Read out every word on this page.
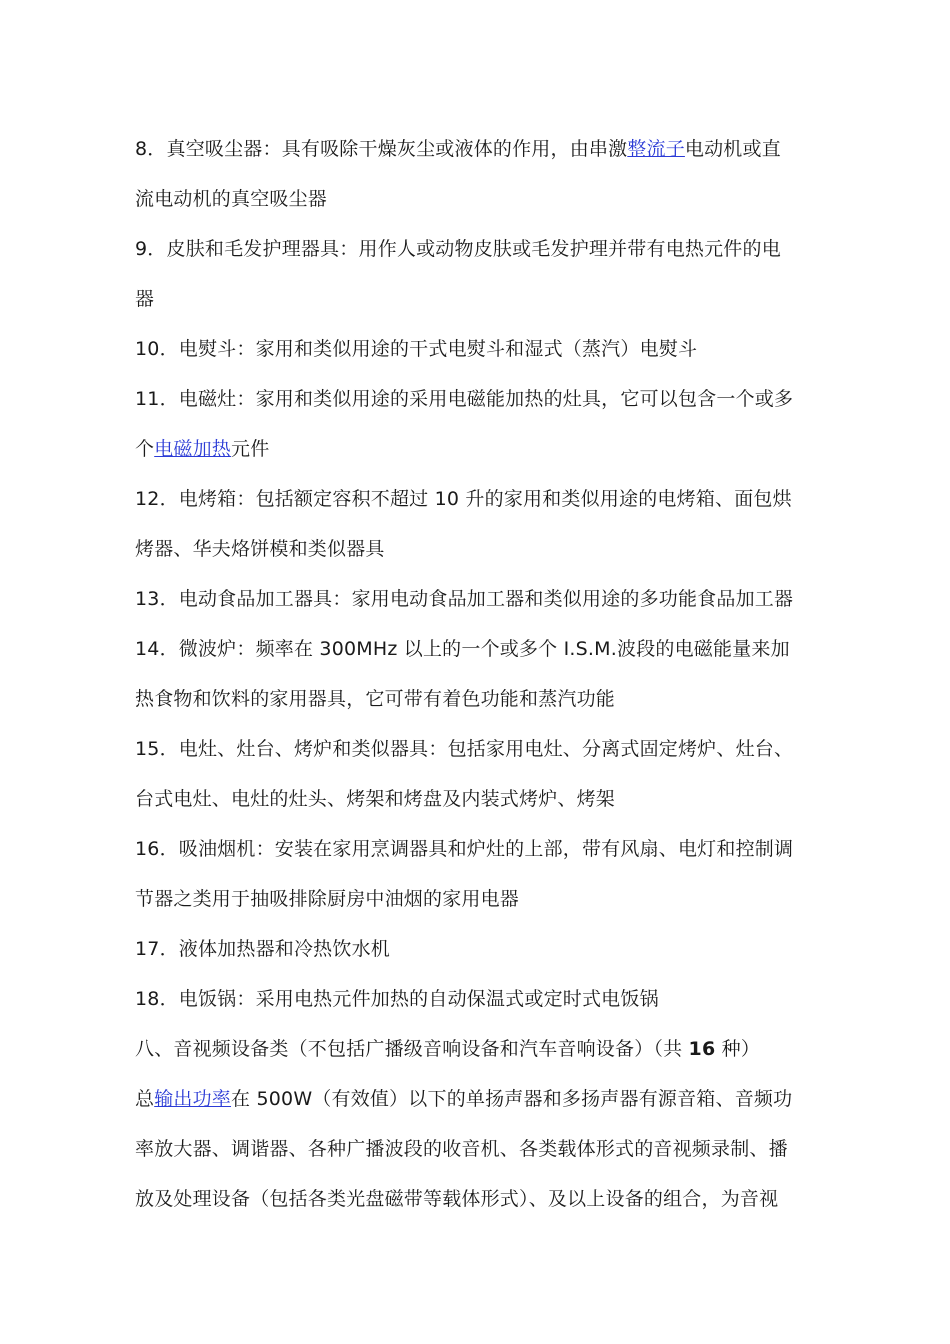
8．真空吸尘器：具有吸除干燥灰尘或液体的作用，由串激整流子电动机或直
流电动机的真空吸尘器
9．皮肤和毛发护理器具：用作人或动物皮肤或毛发护理并带有电热元件的电
器
10．电熨斗：家用和类似用途的干式电熨斗和湿式（蒸汽）电熨斗
11．电磁灶：家用和类似用途的采用电磁能加热的灶具，它可以包含一个或多
个电磁加热元件
12．电烤箱：包括额定容积不超过 10 升的家用和类似用途的电烤箱、面包烘
烤器、华夫烙饼模和类似器具
13．电动食品加工器具：家用电动食品加工器和类似用途的多功能食品加工器
14．微波炉：频率在 300MHz 以上的一个或多个 I.S.M.波段的电磁能量来加
热食物和饮料的家用器具，它可带有着色功能和蒸汽功能
15．电灶、灶台、烤炉和类似器具：包括家用电灶、分离式固定烤炉、灶台、
台式电灶、电灶的灶头、烤架和烤盘及内装式烤炉、烤架
16．吸油烟机：安装在家用烹调器具和炉灶的上部，带有风扇、电灯和控制调
节器之类用于抽吸排除厨房中油烟的家用电器
17．液体加热器和冷热饮水机
18．电饭锅：采用电热元件加热的自动保温式或定时式电饭锅
八、音视频设备类（不包括广播级音响设备和汽车音响设备）（共 16 种）
总输出功率在 500W（有效值）以下的单扬声器和多扬声器有源音箱、音频功
率放大器、调谐器、各种广播波段的收音机、各类载体形式的音视频录制、播
放及处理设备（包括各类光盘磁带等载体形式）、及以上设备的组合，为音视
